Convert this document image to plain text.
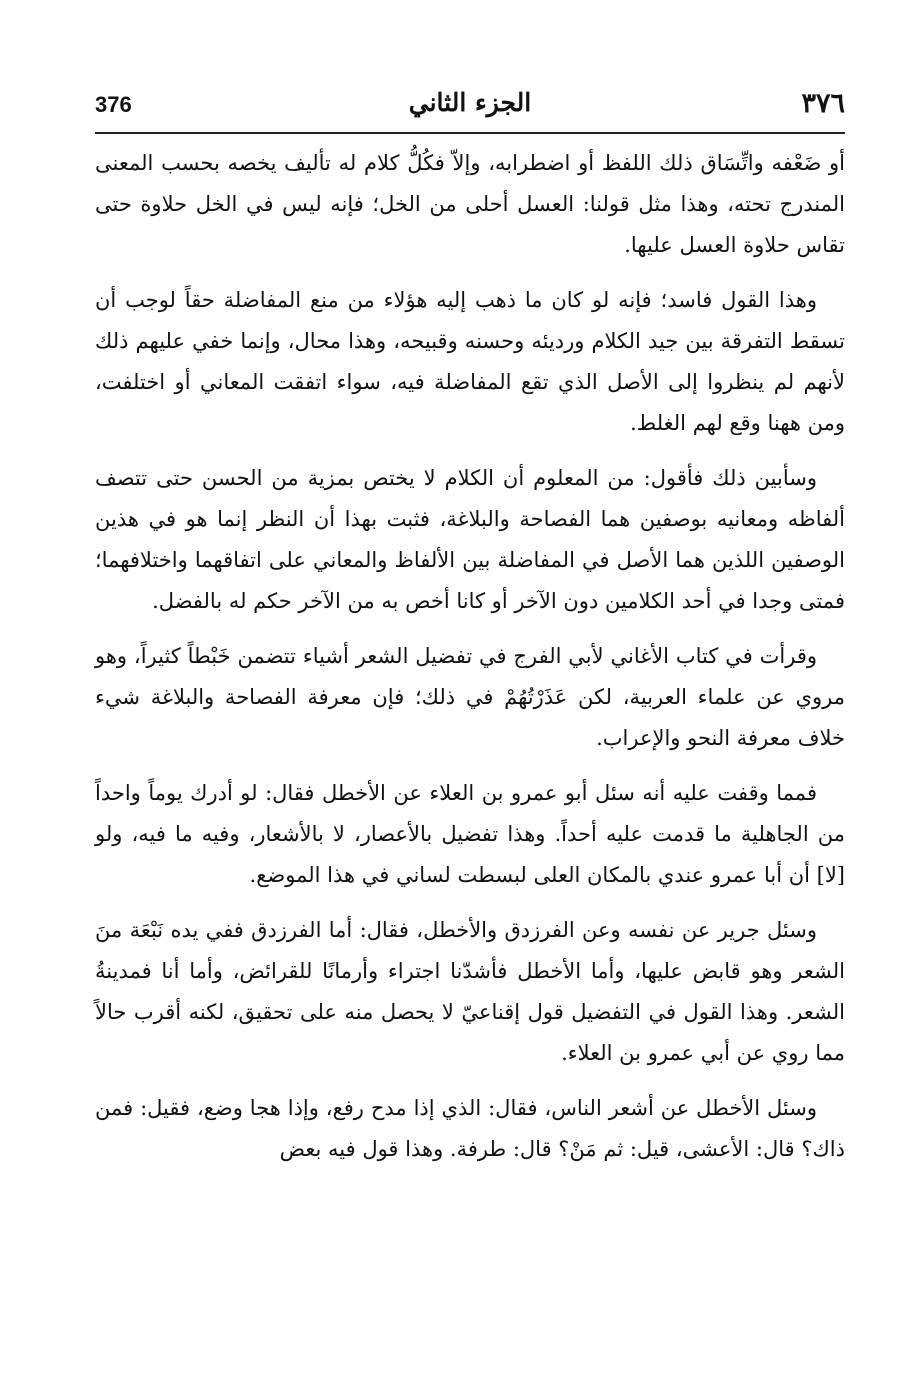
٣٧٦
الجزء الثاني
376

أو ضَعْفه واتِّسَاق ذلك اللفظ أو اضطرابه، وإلاّ فكُلُّ كلام له تأليف يخصه بحسب المعنى المندرج تحته، وهذا مثل قولنا: العسل أحلى من الخل؛ فإنه ليس في الخل حلاوة حتى تقاس حلاوة العسل عليها.

وهذا القول فاسد؛ فإنه لو كان ما ذهب إليه هؤلاء من منع المفاضلة حقاً لوجب أن تسقط التفرقة بين جيد الكلام ورديئه وحسنه وقبيحه، وهذا محال، وإنما خفي عليهم ذلك لأنهم لم ينظروا إلى الأصل الذي تقع المفاضلة فيه، سواء اتفقت المعاني أو اختلفت، ومن ههنا وقع لهم الغلط.

وسأبين ذلك فأقول: من المعلوم أن الكلام لا يختص بمزية من الحسن حتى تتصف ألفاظه ومعانيه بوصفين هما الفصاحة والبلاغة، فثبت بهذا أن النظر إنما هو في هذين الوصفين اللذين هما الأصل في المفاضلة بين الألفاظ والمعاني على اتفاقهما واختلافهما؛ فمتى وجدا في أحد الكلامين دون الآخر أو كانا أخص به من الآخر حكم له بالفضل.

وقرأت في كتاب الأغاني لأبي الفرج في تفضيل الشعر أشياء تتضمن خَبْطاً كثيراً، وهو مروي عن علماء العربية، لكن عَذَرْتُهُمْ في ذلك؛ فإن معرفة الفصاحة والبلاغة شيء خلاف معرفة النحو والإعراب.

فمما وقفت عليه أنه سئل أبو عمرو بن العلاء عن الأخطل فقال: لو أدرك يوماً واحداً من الجاهلية ما قدمت عليه أحداً. وهذا تفضيل بالأعصار، لا بالأشعار، وفيه ما فيه، ولو [لا] أن أبا عمرو عندي بالمكان العلى لبسطت لساني في هذا الموضع.

وسئل جرير عن نفسه وعن الفرزدق والأخطل، فقال: أما الفرزدق ففي يده نَبْعَة منَ الشعر وهو قابض عليها، وأما الأخطل فأشدّنا اجتراء وأرمانًا للقرائض، وأما أنا فمدينةُ الشعر. وهذا القول في التفضيل قول إقناعيّ لا يحصل منه على تحقيق، لكنه أقرب حالاً مما روي عن أبي عمرو بن العلاء.

وسئل الأخطل عن أشعر الناس، فقال: الذي إذا مدح رفع، وإذا هجا وضع، فقيل: فمن ذاك؟ قال: الأعشى، قيل: ثم مَنْ؟ قال: طرفة. وهذا قول فيه بعض
